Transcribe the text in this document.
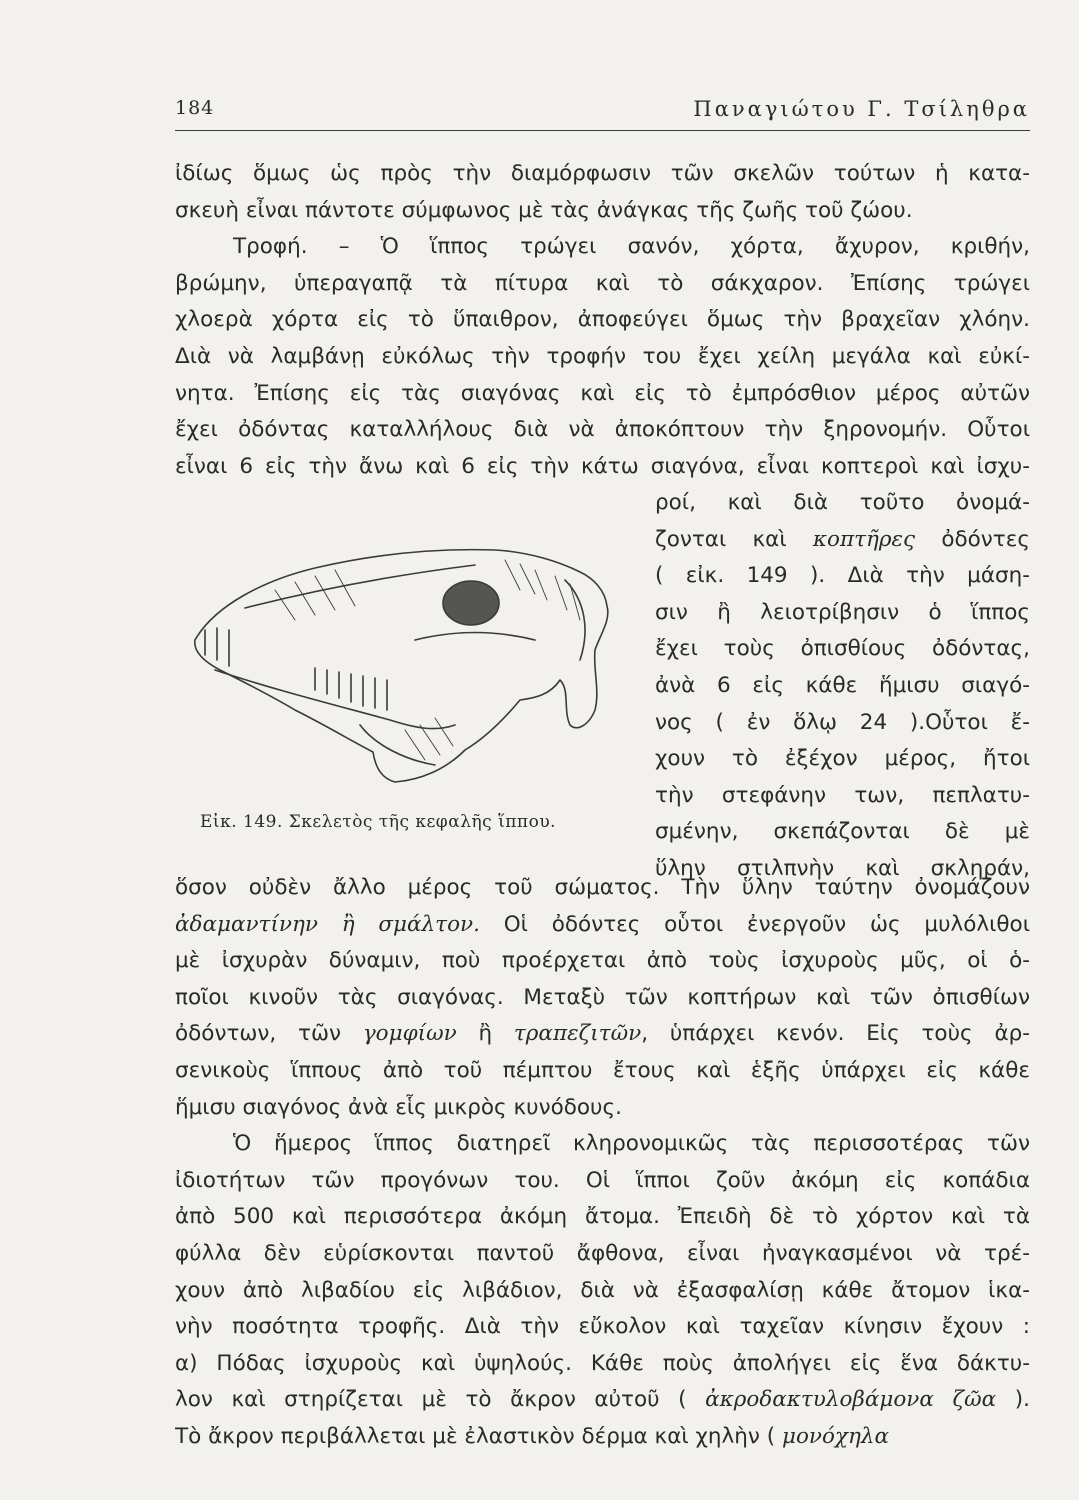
184	Παναγιώτου Γ. Τσίληθρα
ἰδίως ὅμως ὡς πρὸς τὴν διαμόρφωσιν τῶν σκελῶν τούτων ἡ κατα-
σκευὴ εἶναι πάντοτε σύμφωνος μὲ τὰς ἀνάγκας τῆς ζωῆς τοῦ ζώου.
Τροφή. – Ὁ ἵππος τρώγει σανόν, χόρτα, ἄχυρον, κριθήν,
βρώμην, ὑπεραγαπᾷ τὰ πίτυρα καὶ τὸ σάκχαρον. Ἐπίσης τρώγει
χλοερὰ χόρτα εἰς τὸ ὕπαιθρον, ἀποφεύγει ὅμως τὴν βραχεῖαν χλόην.
Διὰ νὰ λαμβάνῃ εὐκόλως τὴν τροφήν του ἔχει χείλη μεγάλα καὶ εὐκί-
νητα. Ἐπίσης εἰς τὰς σιαγόνας καὶ εἰς τὸ ἐμπρόσθιον μέρος αὐτῶν
ἔχει ὀδόντας καταλλήλους διὰ νὰ ἀποκόπτουν τὴν ξηρονομήν. Οὗτοι
εἶναι 6 εἰς τὴν ἄνω καὶ 6 εἰς τὴν κάτω σιαγόνα, εἶναι κοπτεροὶ καὶ ἰσχυ-
ροί, καὶ διὰ τοῦτο ὀνομά-
ζονται καὶ κοπτῆρες ὀδόντες
( εἰκ. 149 ). Διὰ τὴν μάση-
σιν ἢ λειοτρίβησιν ὁ ἵππος
ἔχει τοὺς ὀπισθίους ὀδόντας,
ἀνὰ 6 εἰς κάθε ἥμισυ σιαγό-
νος ( ἐν ὅλῳ 24 ).Οὗτοι ἔ-
χουν τὸ ἐξέχον μέρος, ἤτοι
τὴν στεφάνην των, πεπλατυ-
σμένην, σκεπάζονται δὲ μὲ
ὕλην στιλπνὴν καὶ σκληράν,
Εἰκ. 149. Σκελετὸς τῆς κεφαλῆς ἵππου.
ὅσον οὐδὲν ἄλλο μέρος τοῦ σώματος. Τὴν ὕλην ταύτην ὀνομάζουν
ἀδαμαντίνην ἢ σμάλτον. Οἱ ὀδόντες οὗτοι ἐνεργοῦν ὡς μυλόλιθοι
μὲ ἰσχυρὰν δύναμιν, ποὺ προέρχεται ἀπὸ τοὺς ἰσχυροὺς μῦς, οἱ ὁ-
ποῖοι κινοῦν τὰς σιαγόνας. Μεταξὺ τῶν κοπτήρων καὶ τῶν ὀπισθίων
ὀδόντων, τῶν γομφίων ἢ τραπεζιτῶν, ὑπάρχει κενόν. Εἰς τοὺς ἀρ-
σενικοὺς ἵππους ἀπὸ τοῦ πέμπτου ἔτους καὶ ἑξῆς ὑπάρχει εἰς κάθε
ἥμισυ σιαγόνος ἀνὰ εἷς μικρὸς κυνόδους.
Ὁ ἥμερος ἵππος διατηρεῖ κληρονομικῶς τὰς περισσοτέρας τῶν
ἰδιοτήτων τῶν προγόνων του. Οἱ ἵπποι ζοῦν ἀκόμη εἰς κοπάδια
ἀπὸ 500 καὶ περισσότερα ἀκόμη ἄτομα. Ἐπειδὴ δὲ τὸ χόρτον καὶ τὰ
φύλλα δὲν εὑρίσκονται παντοῦ ἄφθονα, εἶναι ἠναγκασμένοι νὰ τρέ-
χουν ἀπὸ λιβαδίου εἰς λιβάδιον, διὰ νὰ ἐξασφαλίσῃ κάθε ἄτομον ἱκα-
νὴν ποσότητα τροφῆς. Διὰ τὴν εὔκολον καὶ ταχεῖαν κίνησιν ἔχουν :
α) Πόδας ἰσχυροὺς καὶ ὑψηλούς. Κάθε ποὺς ἀπολήγει εἰς ἕνα δάκτυ-
λον καὶ στηρίζεται μὲ τὸ ἄκρον αὐτοῦ ( ἀκροδακτυλοβάμονα ζῶα ).
Τὸ ἄκρον περιβάλλεται μὲ ἐλαστικὸν δέρμα καὶ χηλὴν ( μονόχηλα
